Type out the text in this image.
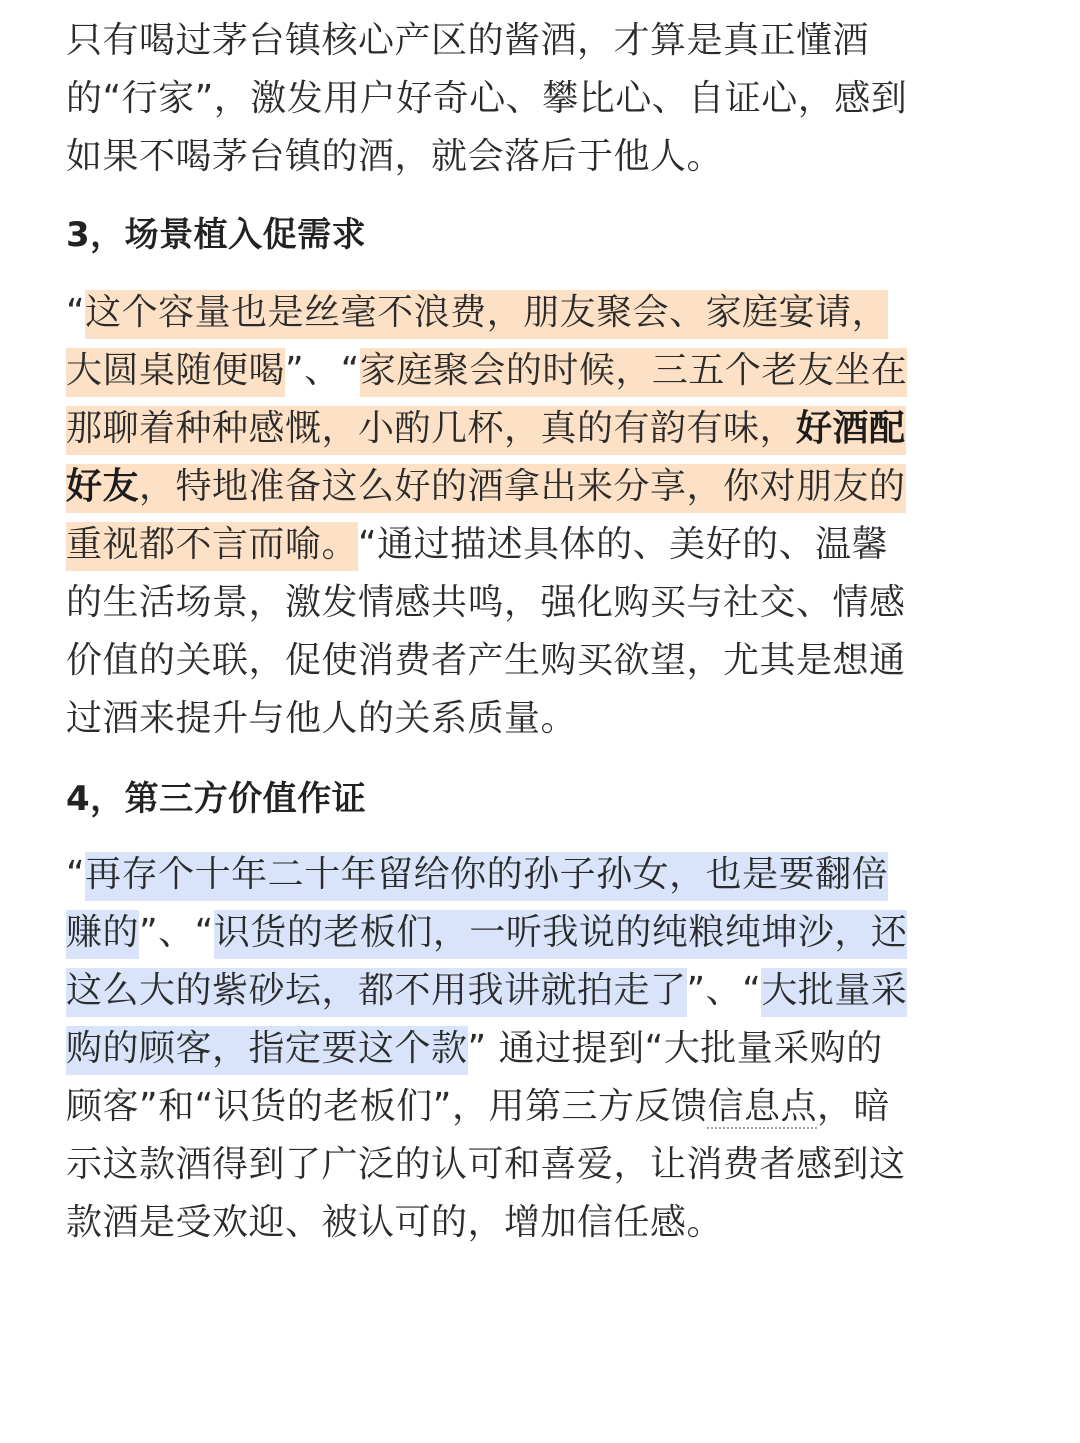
只有喝过茅台镇核心产区的酱酒，才算是真正懂酒的“行家”，激发用户好奇心、攀比心、自证心，感到如果不喝茅台镇的酒，就会落后于他人。

3，场景植入促需求

“这个容量也是丝毫不浪费，朋友聚会、家庭宴请，大圆桌随便喝”、“家庭聚会的时候，三五个老友坐在那聊着种种感慨，小酌几杯，真的有韵有味，好酒配好友，特地准备这么好的酒拿出来分享，你对朋友的重视都不言而喻。“通过描述具体的、美好的、温馨的生活场景，激发情感共鸣，强化购买与社交、情感价值的关联，促使消费者产生购买欲望，尤其是想通过酒来提升与他人的关系质量。

4，第三方价值作证

“再存个十年二十年留给你的孙子孙女，也是要翻倍赚的”、“识货的老板们，一听我说的纯粮纯坤沙，还这么大的紫砂坛，都不用我讲就拍走了”、“大批量采购的顾客，指定要这个款” 通过提到“大批量采购的顾客”和“识货的老板们”，用第三方反馈信息点，暗示这款酒得到了广泛的认可和喜爱，让消费者感到这款酒是受欢迎、被认可的，增加信任感。
